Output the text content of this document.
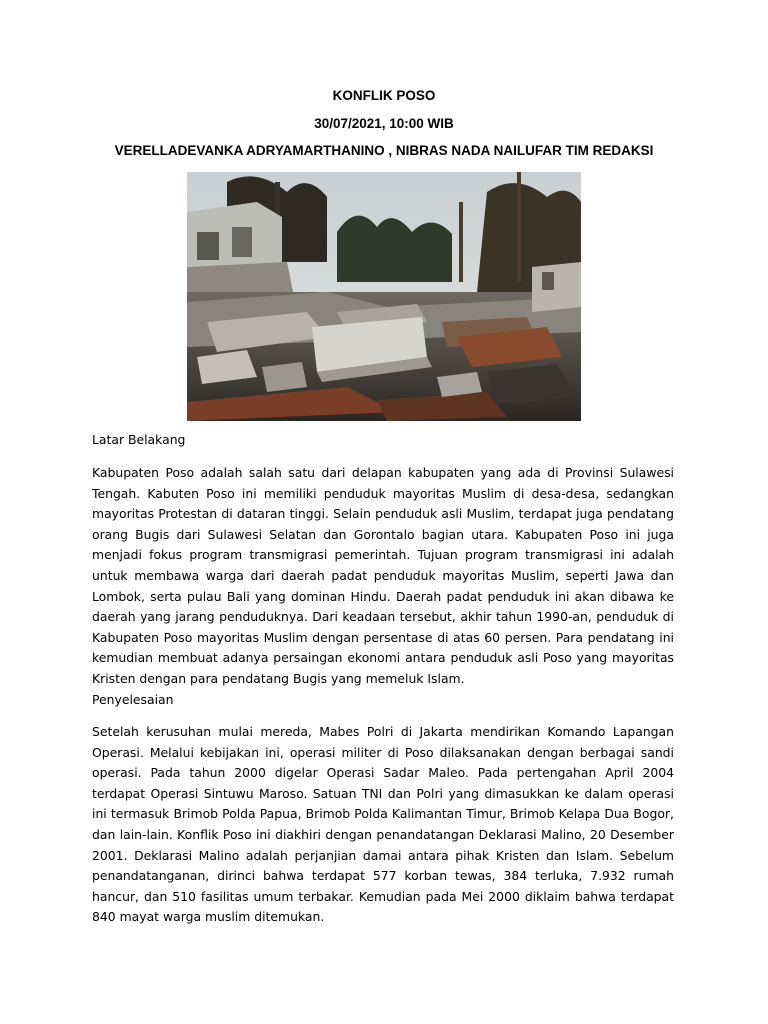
KONFLIK POSO

30/07/2021, 10:00 WIB

VERELLADEVANKA ADRYAMARTHANINO , NIBRAS NADA NAILUFAR TIM REDAKSI

Latar Belakang

Kabupaten Poso adalah salah satu dari delapan kabupaten yang ada di Provinsi Sulawesi Tengah. Kabuten Poso ini memiliki penduduk mayoritas Muslim di desa-desa, sedangkan mayoritas Protestan di dataran tinggi. Selain penduduk asli Muslim, terdapat juga pendatang orang Bugis dari Sulawesi Selatan dan Gorontalo bagian utara. Kabupaten Poso ini juga menjadi fokus program transmigrasi pemerintah. Tujuan program transmigrasi ini adalah untuk membawa warga dari daerah padat penduduk mayoritas Muslim, seperti Jawa dan Lombok, serta pulau Bali yang dominan Hindu. Daerah padat penduduk ini akan dibawa ke daerah yang jarang penduduknya. Dari keadaan tersebut, akhir tahun 1990-an, penduduk di Kabupaten Poso mayoritas Muslim dengan persentase di atas 60 persen. Para pendatang ini kemudian membuat adanya persaingan ekonomi antara penduduk asli Poso yang mayoritas Kristen dengan para pendatang Bugis yang memeluk Islam.
Penyelesaian

Setelah kerusuhan mulai mereda, Mabes Polri di Jakarta mendirikan Komando Lapangan Operasi. Melalui kebijakan ini, operasi militer di Poso dilaksanakan dengan berbagai sandi operasi. Pada tahun 2000 digelar Operasi Sadar Maleo. Pada pertengahan April 2004 terdapat Operasi Sintuwu Maroso. Satuan TNI dan Polri yang dimasukkan ke dalam operasi ini termasuk Brimob Polda Papua, Brimob Polda Kalimantan Timur, Brimob Kelapa Dua Bogor, dan lain-lain. Konflik Poso ini diakhiri dengan penandatangan Deklarasi Malino, 20 Desember 2001. Deklarasi Malino adalah perjanjian damai antara pihak Kristen dan Islam. Sebelum penandatanganan, dirinci bahwa terdapat 577 korban tewas, 384 terluka, 7.932 rumah hancur, dan 510 fasilitas umum terbakar. Kemudian pada Mei 2000 diklaim bahwa terdapat 840 mayat warga muslim ditemukan.
